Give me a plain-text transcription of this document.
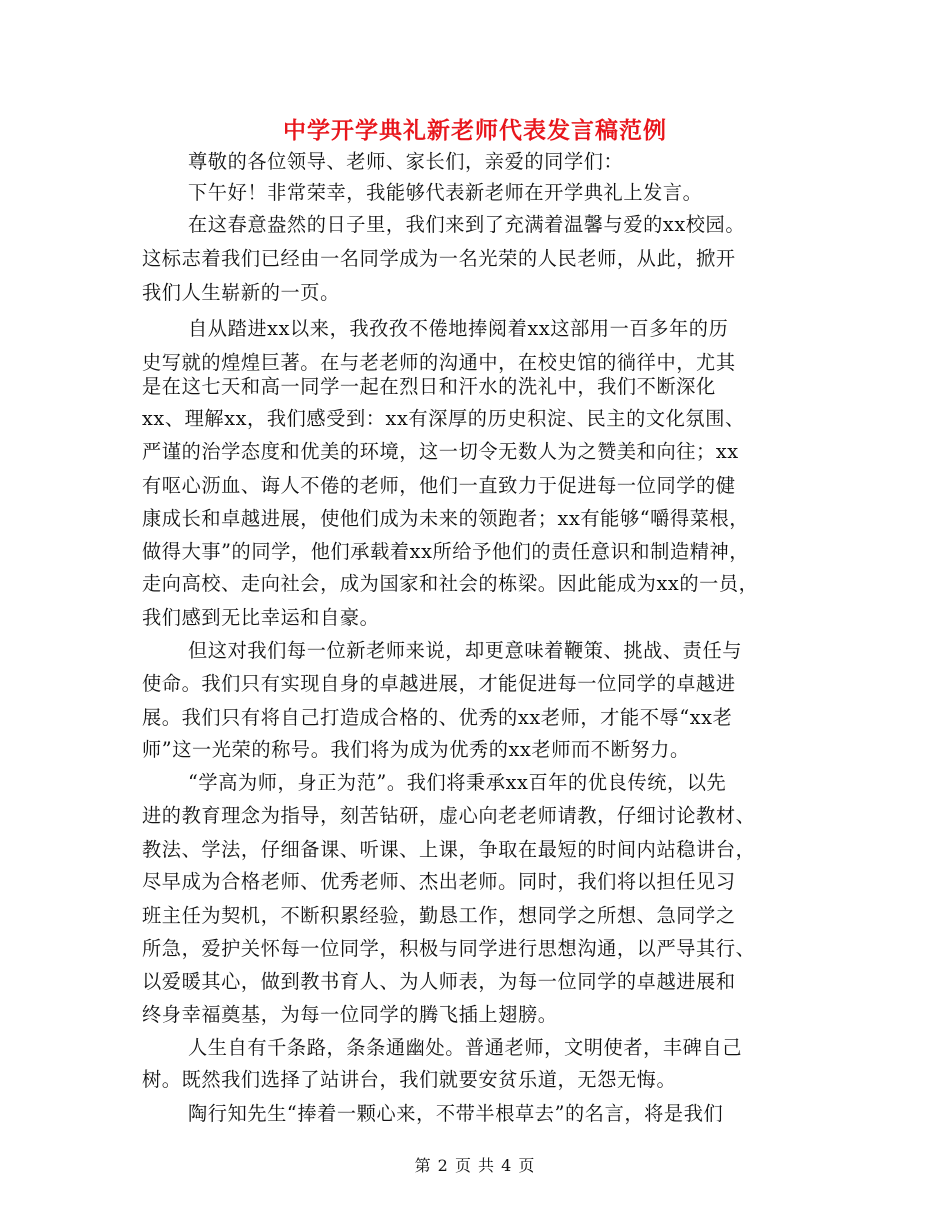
中学开学典礼新老师代表发言稿范例
尊敬的各位领导、老师、家长们，亲爱的同学们：
下午好！非常荣幸，我能够代表新老师在开学典礼上发言。
在这春意盎然的日子里，我们来到了充满着温馨与爱的xx校园。
这标志着我们已经由一名同学成为一名光荣的人民老师，从此，掀开
我们人生崭新的一页。
自从踏进xx以来，我孜孜不倦地捧阅着xx这部用一百多年的历
史写就的煌煌巨著。在与老老师的沟通中，在校史馆的徜徉中，尤其
是在这七天和高一同学一起在烈日和汗水的洗礼中，我们不断深化
xx、理解xx，我们感受到：xx有深厚的历史积淀、民主的文化氛围、
严谨的治学态度和优美的环境，这一切令无数人为之赞美和向往；xx
有呕心沥血、诲人不倦的老师，他们一直致力于促进每一位同学的健
康成长和卓越进展，使他们成为未来的领跑者；xx有能够“嚼得菜根，
做得大事”的同学，他们承载着xx所给予他们的责任意识和制造精神，
走向高校、走向社会，成为国家和社会的栋梁。因此能成为xx的一员，
我们感到无比幸运和自豪。
但这对我们每一位新老师来说，却更意味着鞭策、挑战、责任与
使命。我们只有实现自身的卓越进展，才能促进每一位同学的卓越进
展。我们只有将自己打造成合格的、优秀的xx老师，才能不辱“xx老
师”这一光荣的称号。我们将为成为优秀的xx老师而不断努力。
“学高为师，身正为范”。我们将秉承xx百年的优良传统，以先
进的教育理念为指导，刻苦钻研，虚心向老老师请教，仔细讨论教材、
教法、学法，仔细备课、听课、上课，争取在最短的时间内站稳讲台，
尽早成为合格老师、优秀老师、杰出老师。同时，我们将以担任见习
班主任为契机，不断积累经验，勤恳工作，想同学之所想、急同学之
所急，爱护关怀每一位同学，积极与同学进行思想沟通，以严导其行、
以爱暖其心，做到教书育人、为人师表，为每一位同学的卓越进展和
终身幸福奠基，为每一位同学的腾飞插上翅膀。
人生自有千条路，条条通幽处。普通老师，文明使者，丰碑自己
树。既然我们选择了站讲台，我们就要安贫乐道，无怨无悔。
陶行知先生“捧着一颗心来，不带半根草去”的名言，将是我们
第 2 页 共 4 页
